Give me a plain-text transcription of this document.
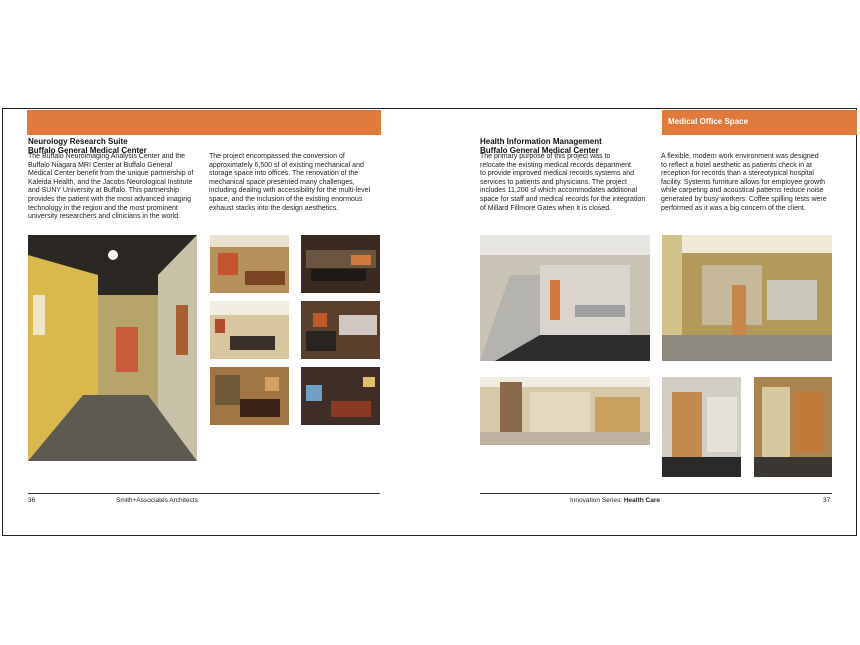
Medical Office Space
Neurology Research Suite
Buffalo General Medical Center
The Buffalo Neuroimaging Analysis Center and the
Buffalo Niagara MRI Center at Buffalo General
Medical Center benefit from the unique partnership of
Kaleida Health, and the Jacobs Neurological Institute
and SUNY University at Buffalo. This partnership
provides the patient with the most advanced imaging
technology in the region and the most prominent
university researchers and clinicians in the world.
The project encompassed the conversion of
approximately 6,500 sf of existing mechanical and
storage space into offices. The renovation of the
mechanical space presented many challenges,
including dealing with accessibility for the multi-level
space, and the inclusion of the existing enormous
exhaust stacks into the design aesthetics.
36	Smith+Associates Architects
Health Information Management
Buffalo General Medical Center
The primary purpose of this project was to
relocate the existing medical records department
to provide improved medical records systems and
services to patients and physicians. The project
includes 11,200 sf which accommodates additional
space for staff and medical records for the integration
of Millard Fillmore Gates when it is closed.
A flexible, modern work environment was designed
to reflect a hotel aesthetic as patients check in at
reception for records than a stereotypical hospital
facility. Systems furniture allows for employee growth
while carpeting and acoustical patterns reduce noise
generated by busy workers. Coffee spilling tests were
performed as it was a big concern of the client.
Innovation Series: Health Care	37
